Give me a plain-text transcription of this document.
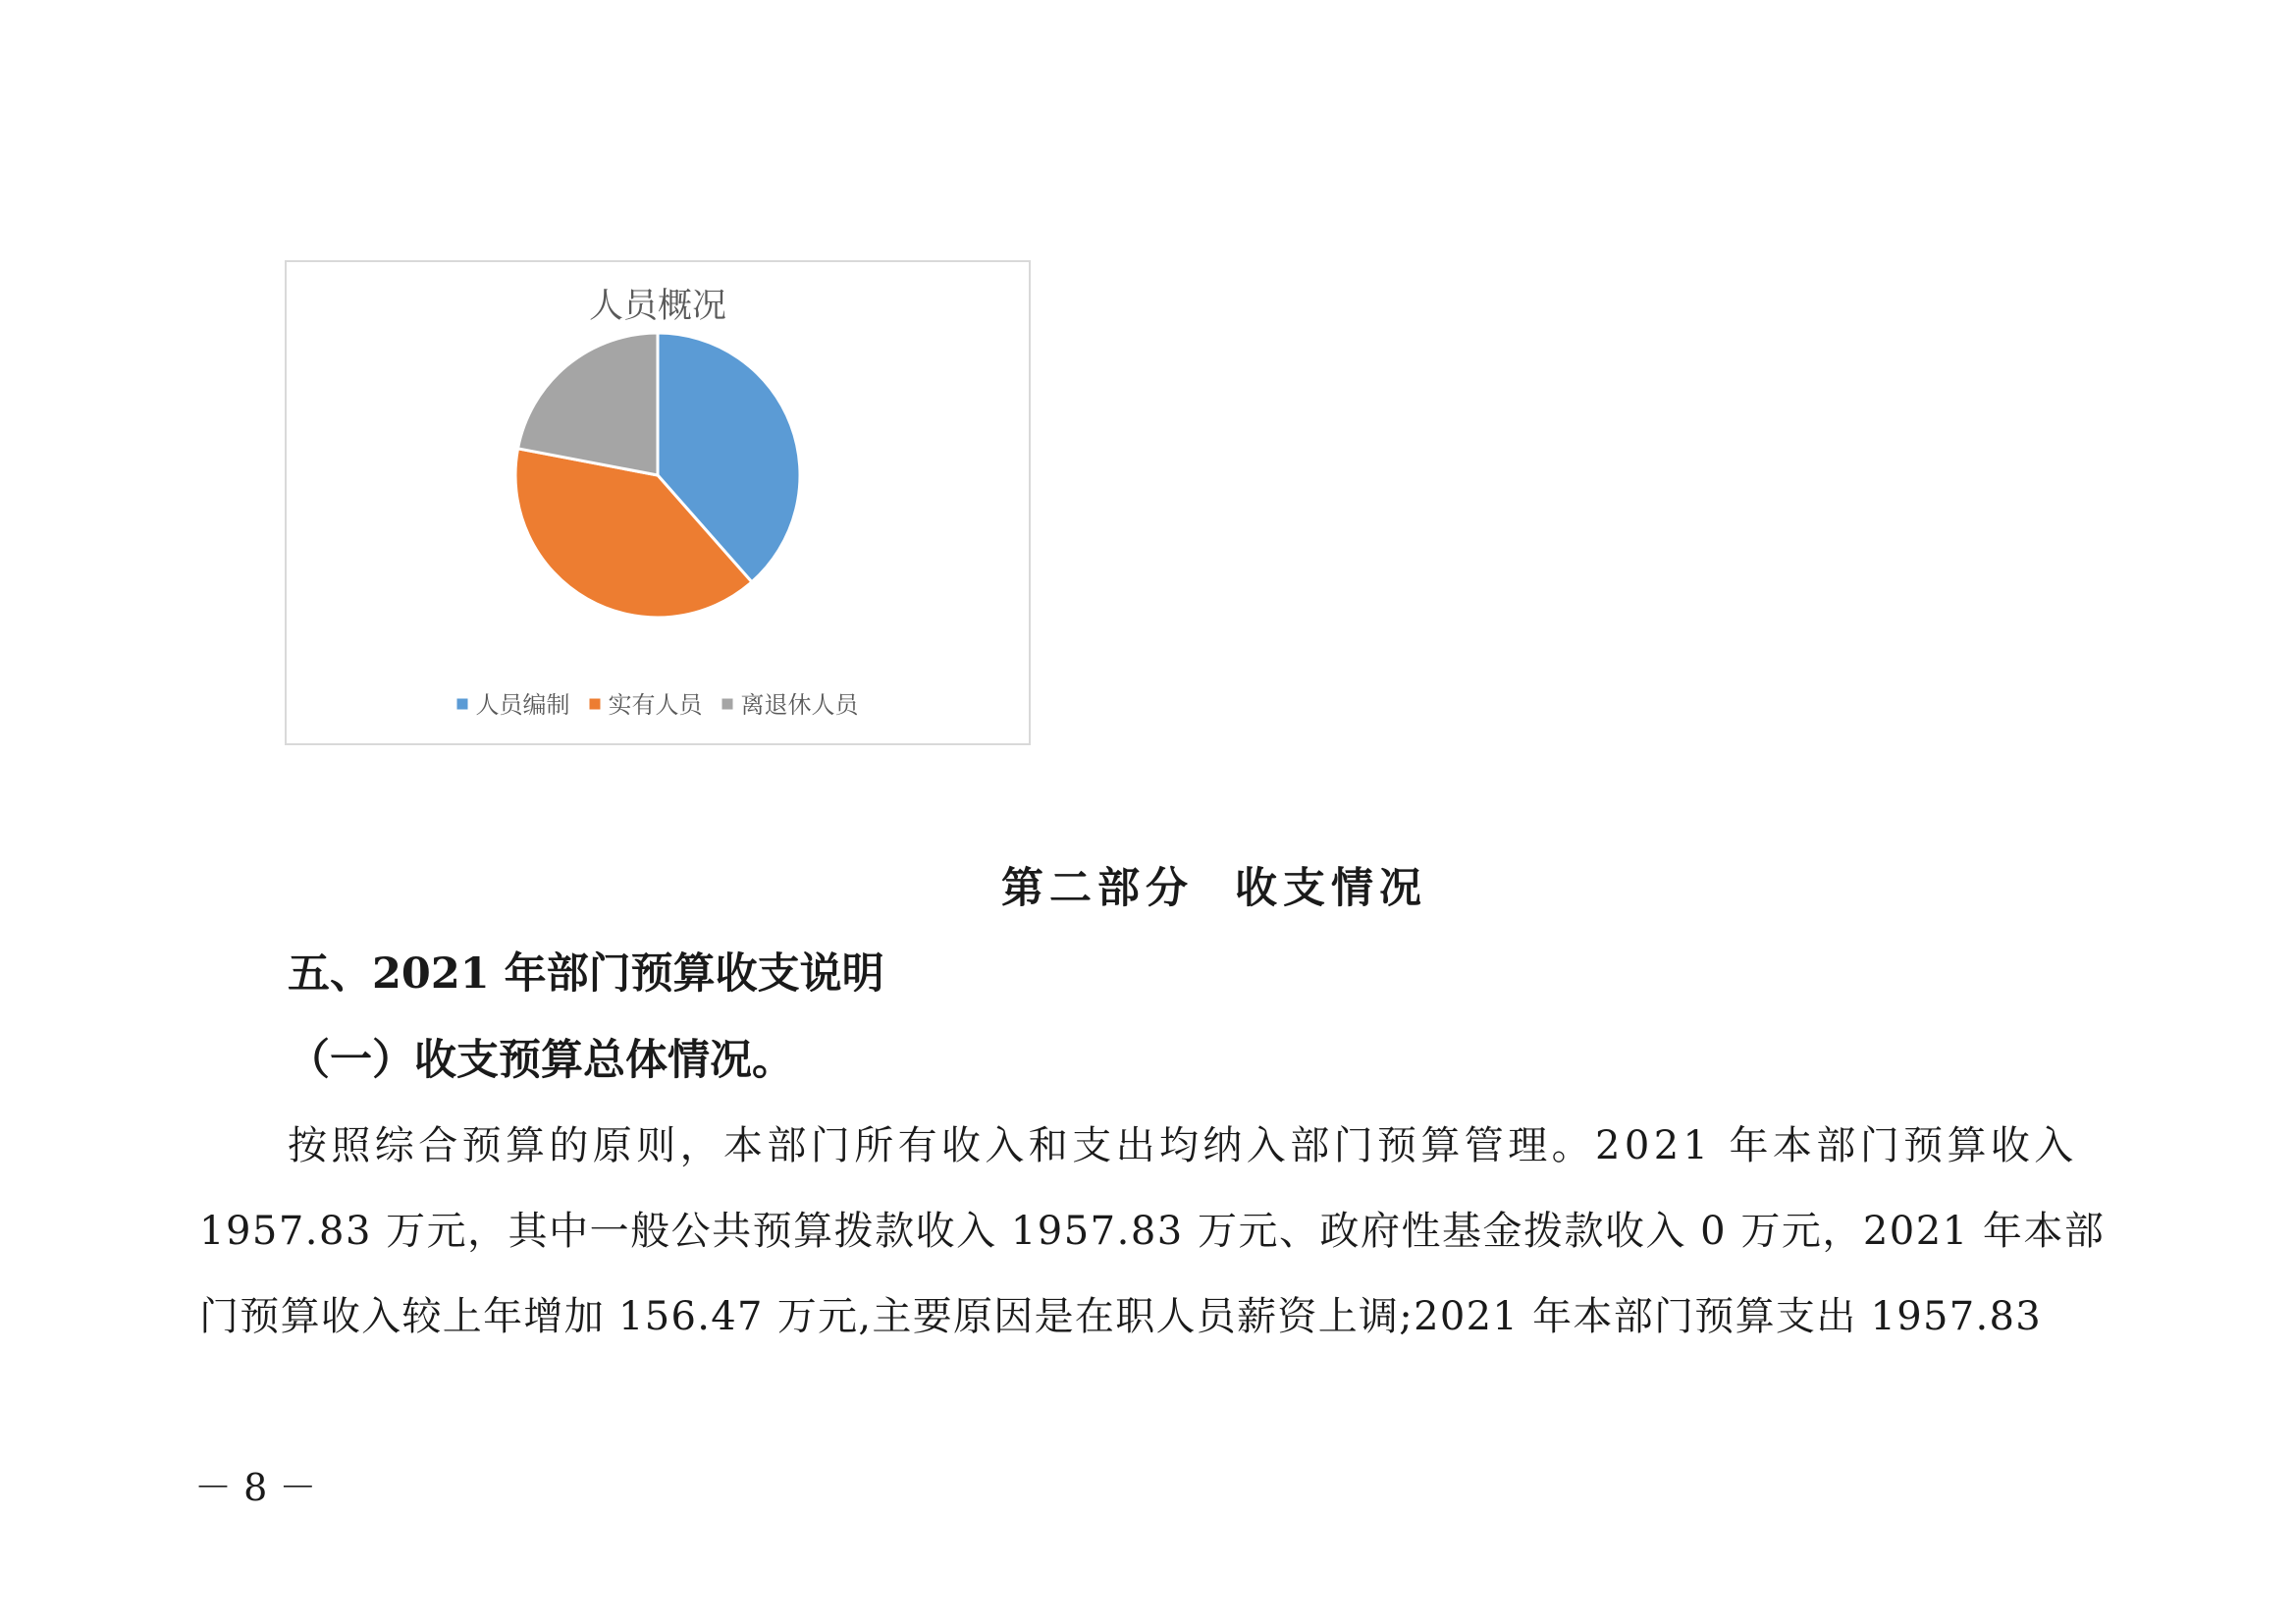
人员概况
人员编制 实有人员 离退休人员
第二部分  收支情况
五、2021 年部门预算收支说明
（一）收支预算总体情况。

按照综合预算的原则，本部门所有收入和支出均纳入部门预算管理。2021 年本部门预算收入

1957.83 万元，其中一般公共预算拨款收入 1957.83 万元、政府性基金拨款收入 0 万元，2021 年本部

门预算收入较上年增加 156.47 万元,主要原因是在职人员薪资上调;2021 年本部门预算支出 1957.83

－ 8 －
